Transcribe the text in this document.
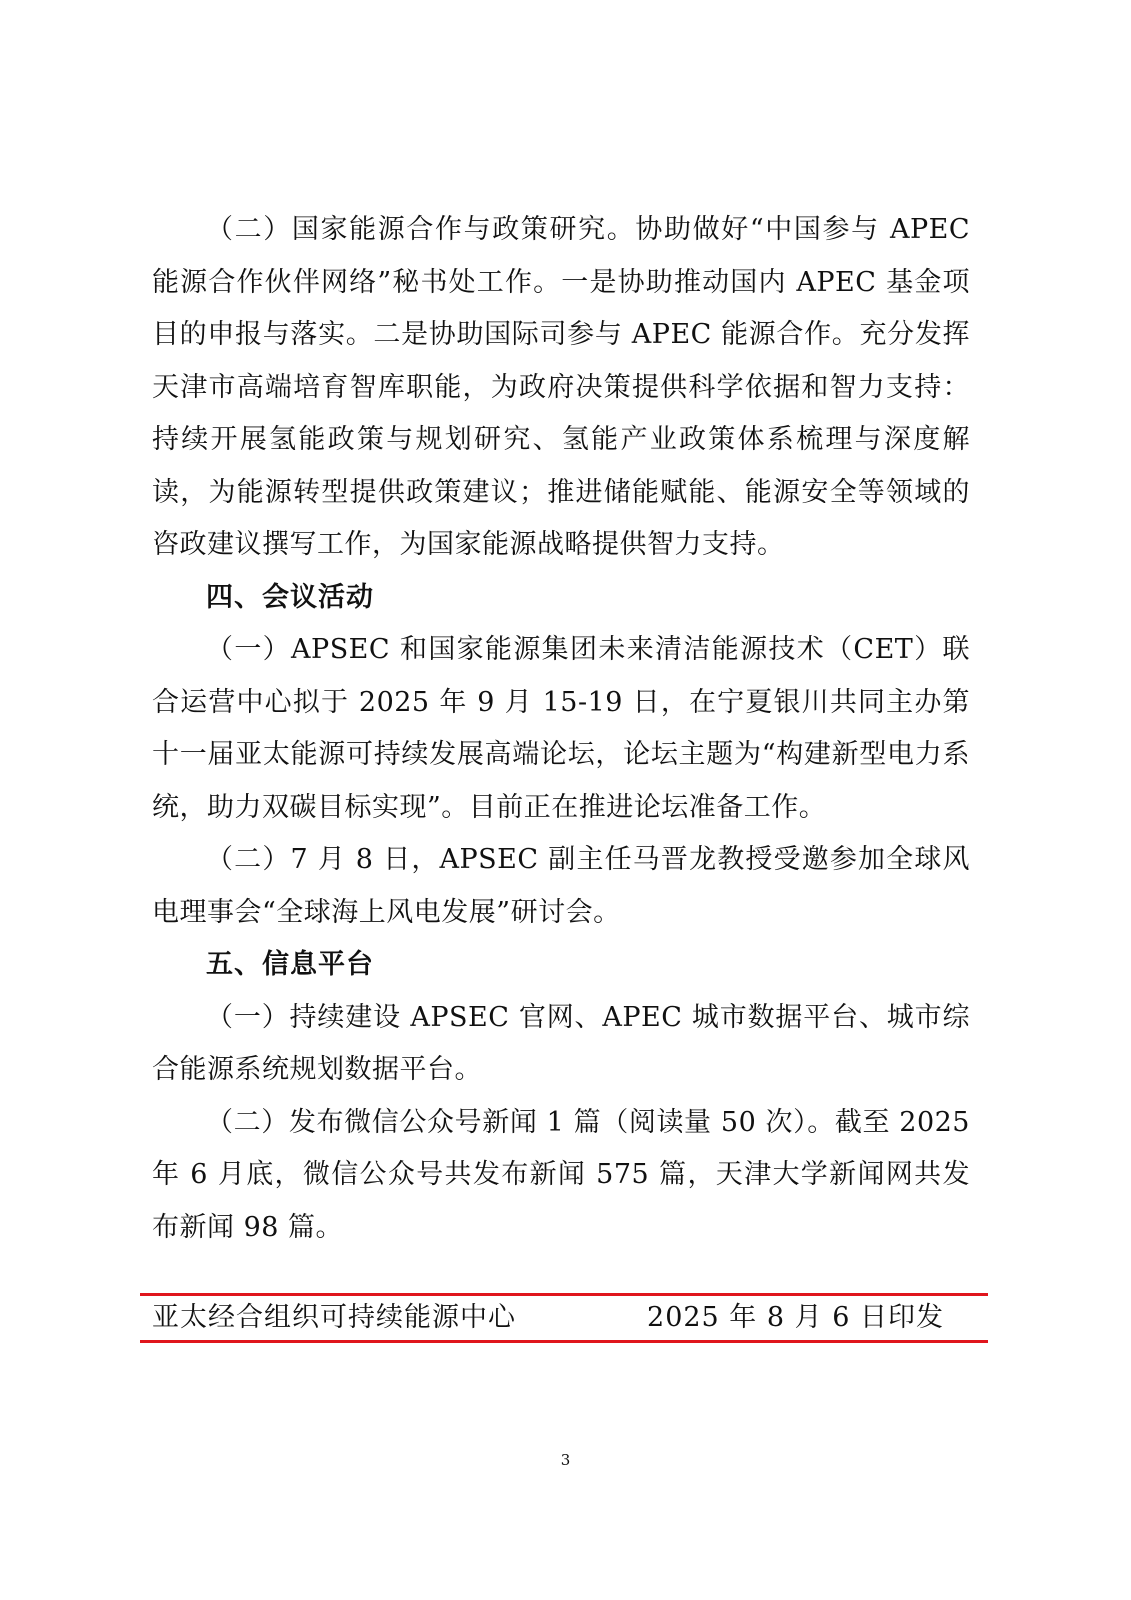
（二）国家能源合作与政策研究。协助做好“中国参与 APEC 能源合作伙伴网络”秘书处工作。一是协助推动国内 APEC 基金项目的申报与落实。二是协助国际司参与 APEC 能源合作。充分发挥天津市高端培育智库职能，为政府决策提供科学依据和智力支持：持续开展氢能政策与规划研究、氢能产业政策体系梳理与深度解读，为能源转型提供政策建议；推进储能赋能、能源安全等领域的咨政建议撰写工作，为国家能源战略提供智力支持。

四、会议活动

（一）APSEC 和国家能源集团未来清洁能源技术（CET）联合运营中心拟于 2025 年 9 月 15-19 日，在宁夏银川共同主办第十一届亚太能源可持续发展高端论坛，论坛主题为“构建新型电力系统，助力双碳目标实现”。目前正在推进论坛准备工作。

（二）7 月 8 日，APSEC 副主任马晋龙教授受邀参加全球风电理事会“全球海上风电发展”研讨会。

五、信息平台

（一）持续建设 APSEC 官网、APEC 城市数据平台、城市综合能源系统规划数据平台。

（二）发布微信公众号新闻 1 篇（阅读量 50 次）。截至 2025 年 6 月底，微信公众号共发布新闻 575 篇，天津大学新闻网共发布新闻 98 篇。

亚太经合组织可持续能源中心	2025 年 8 月 6 日印发
3
